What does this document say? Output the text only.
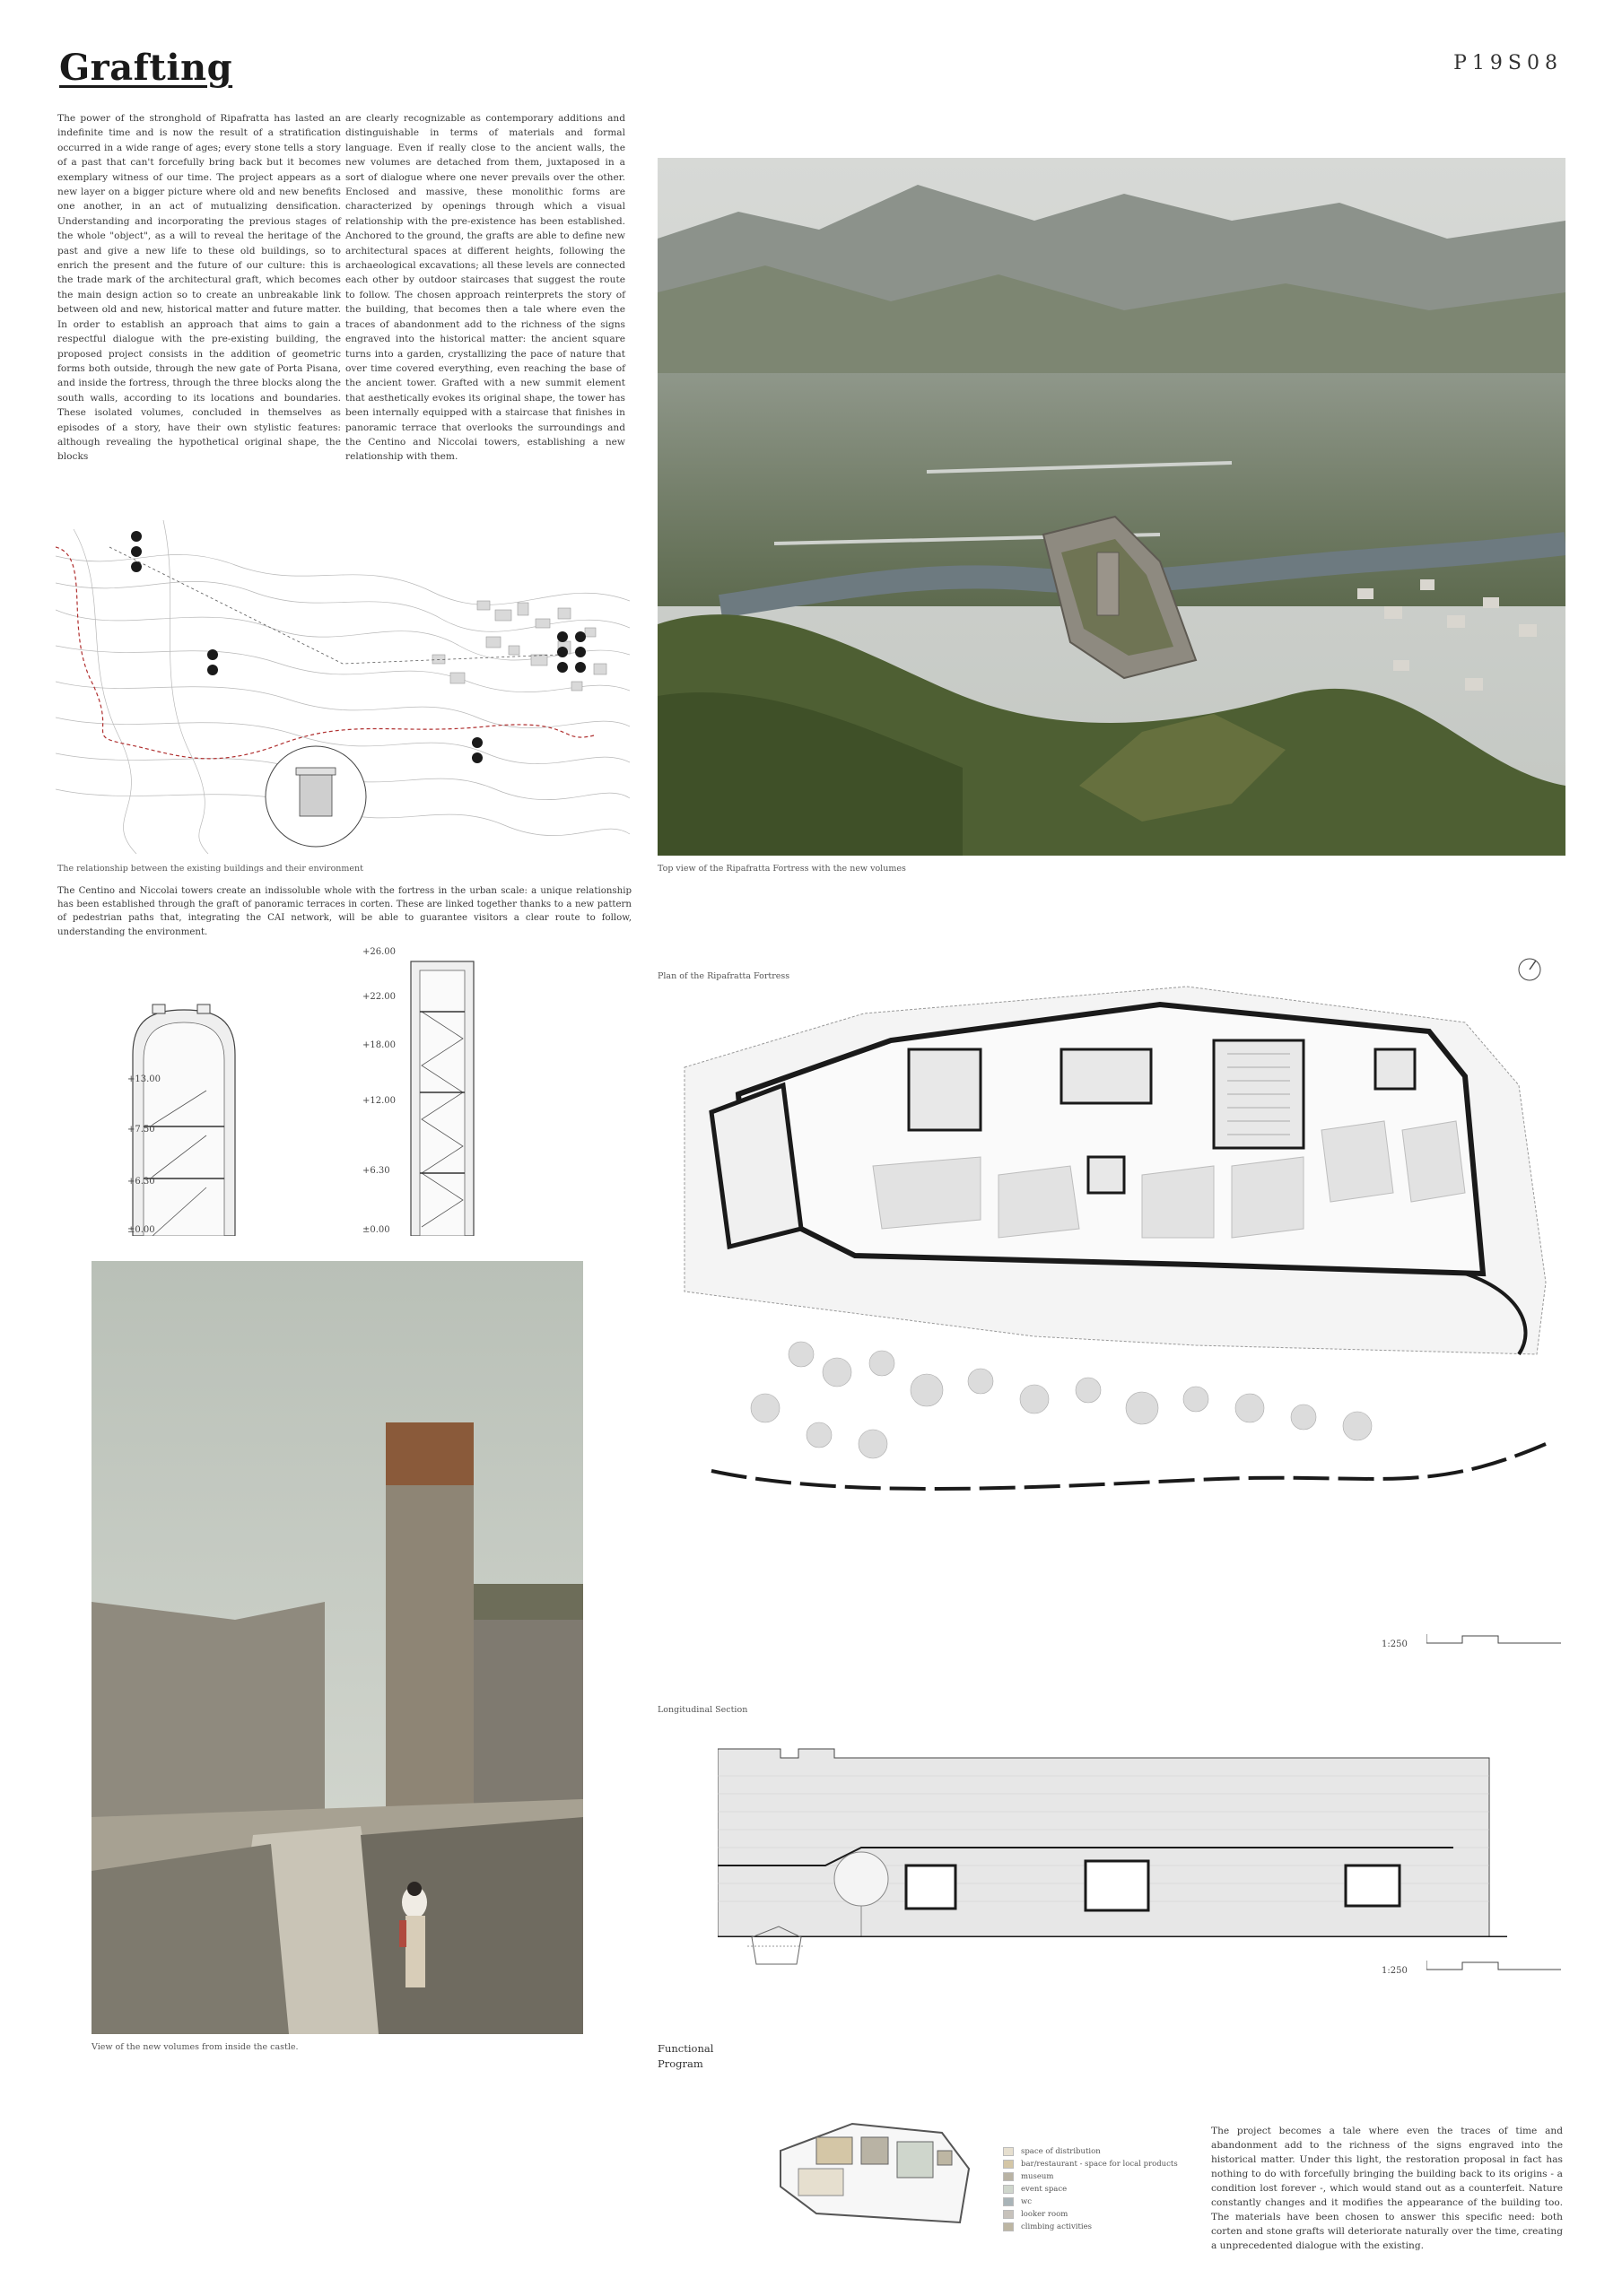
Grafting	P19S08
The power of the stronghold of Ripafratta has lasted an indefinite time and is now the result of a stratification occurred in a wide range of ages; every stone tells a story of a past that can't forcefully bring back but it becomes exemplary witness of our time. The project appears as a new layer on a bigger picture where old and new benefits one another, in an act of mutualizing densification. Understanding and incorporating the previous stages of the whole "object", as a will to reveal the heritage of the past and give a new life to these old buildings, so to enrich the present and the future of our culture: this is the trade mark of the architectural graft, which becomes the main design action so to create an unbreakable link between old and new, historical matter and future matter. In order to establish an approach that aims to gain a respectful dialogue with the pre-existing building, the proposed project consists in the addition of geometric forms both outside, through the new gate of Porta Pisana, and inside the fortress, through the three blocks along the south walls, according to its locations and boundaries. These isolated volumes, concluded in themselves as episodes of a story, have their own stylistic features: although revealing the hypothetical original shape, the blocks
are clearly recognizable as contemporary additions and distinguishable in terms of materials and formal language. Even if really close to the ancient walls, the new volumes are detached from them, juxtaposed in a sort of dialogue where one never prevails over the other. Enclosed and massive, these monolithic forms are characterized by openings through which a visual relationship with the pre-existence has been established. Anchored to the ground, the grafts are able to define new architectural spaces at different heights, following the archaeological excavations; all these levels are connected each other by outdoor staircases that suggest the route to follow. The chosen approach reinterprets the story of the building, that becomes then a tale where even the traces of abandonment add to the richness of the signs engraved into the historical matter: the ancient square turns into a garden, crystallizing the pace of nature that over time covered everything, even reaching the base of the ancient tower. Grafted with a new summit element that aesthetically evokes its original shape, the tower has been internally equipped with a staircase that finishes in panoramic terrace that overlooks the surroundings and the Centino and Niccolai towers, establishing a new relationship with them.
The relationship between the existing buildings and their environment	Top view of the Ripafratta Fortress with the new volumes
The Centino and Niccolai towers create an indissoluble whole with the fortress in the urban scale: a unique relationship has been established through the graft of panoramic terraces in corten. These are linked together thanks to a new pattern of pedestrian paths that, integrating the CAI network, will be able to guarantee visitors a clear route to follow, understanding the environment.
+13.00
+7.50
+6.30
±0.00
+26.00
+22.00
+18.00
+12.00
+6.30
±0.00
View of the new volumes from inside the castle.
Plan of the Ripafratta Fortress
1:250
Longitudinal Section
1:250
Functional Program
space of distribution
bar/restaurant - space for local products
museum
event space
wc
looker room
climbing activities
The project becomes a tale where even the traces of time and abandonment add to the richness of the signs engraved into the historical matter. Under this light, the restoration proposal in fact has nothing to do with forcefully bringing the building back to its origins - a condition lost forever -, which would stand out as a counterfeit. Nature constantly changes and it modifies the appearance of the building too. The materials have been chosen to answer this specific need: both corten and stone grafts will deteriorate naturally over the time, creating a unprecedented dialogue with the existing.
